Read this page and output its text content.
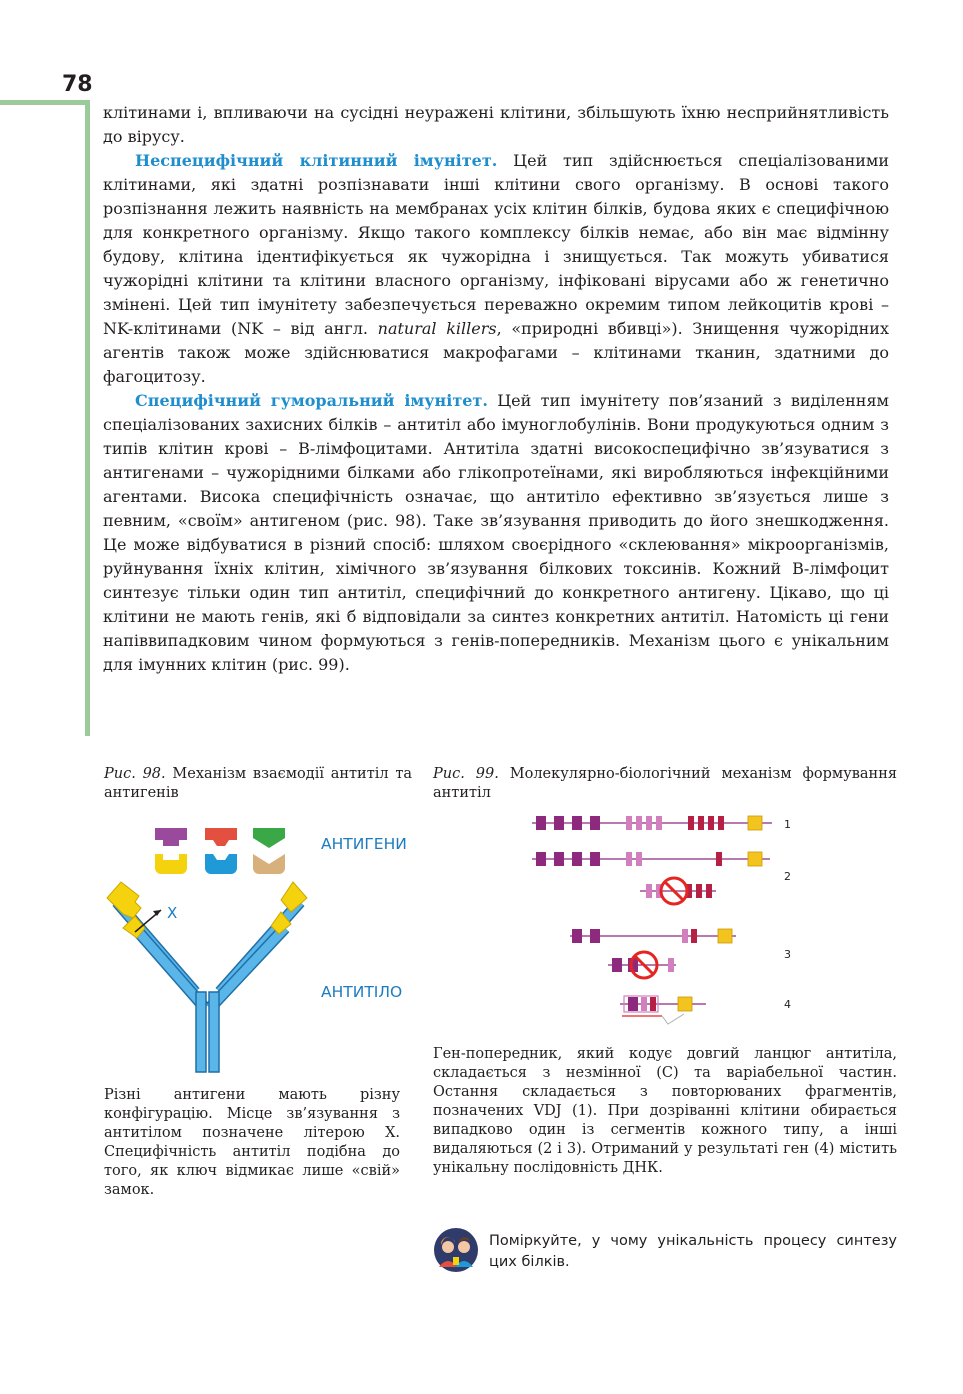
78

клітинами і, впливаючи на сусідні неуражені клітини, збільшують їхню несприйнятливість до вірусу.

Неспецифічний клітинний імунітет. Цей тип здійснюється спеціалізованими клітинами, які здатні розпізнавати інші клітини свого організму. В основі такого розпізнання лежить наявність на мембранах усіх клітин білків, будова яких є специфічною для конкретного організму. Якщо такого комплексу білків немає, або він має відмінну будову, клітина ідентифікується як чужорідна і знищується. Так можуть убиватися чужорідні клітини та клітини власного організму, інфіковані вірусами або ж генетично змінені. Цей тип імунітету забезпечується переважно окремим типом лейкоцитів крові – NK-клітинами (NK – від англ. natural killers, «природні вбивці»). Знищення чужорідних агентів також може здійснюватися макрофагами – клітинами тканин, здатними до фагоцитозу.

Специфічний гуморальний імунітет. Цей тип імунітету пов’язаний з виділенням спеціалізованих захисних білків – антитіл або імуноглобулінів. Вони продукуються одним з типів клітин крові – В-лімфоцитами. Антитіла здатні високоспецифічно зв’язуватися з антигенами – чужорідними білками або глікопротеїнами, які виробляються інфекційними агентами. Висока специфічність означає, що антитіло ефективно зв’язується лише з певним, «своїм» антигеном (рис. 98). Таке зв’язування приводить до його знешкодження. Це може відбуватися в різний спосіб: шляхом своєрідного «склеювання» мікроорганізмів, руйнування їхніх клітин, хімічного зв’язування білкових токсинів. Кожний В-лімфоцит синтезує тільки один тип антитіл, специфічний до конкретного антигену. Цікаво, що ці клітини не мають генів, які б відповідали за синтез конкретних антитіл. Натомість ці гени напіввипадковим чином формуються з генів-попередників. Механізм цього є унікальним для імунних клітин (рис. 99).

Рис. 98. Механізм взаємодії антитіл та антигенів
X
АНТИГЕНИ
АНТИТІЛО
Різні антигени мають різну конфігурацію. Місце зв’язування з антитілом позначене літерою Х. Специфічність антитіл подібна до того, як ключ відмикає лише «свій» замок.
Рис. 99. Молекулярно-біологічний механізм формування антитіл
1
2
3
4
Ген-попередник, який кодує довгий ланцюг антитіла, складається з незмінної (С) та варіабельної частин. Остання складається з повторюваних фрагментів, позначених VDJ (1). При дозріванні клітини обирається випадково один із сегментів кожного типу, а інші видаляються (2 і 3). Отриманий у результаті ген (4) містить унікальну послідовність ДНК.
Поміркуйте, у чому унікальність процесу синтезу цих білків.
